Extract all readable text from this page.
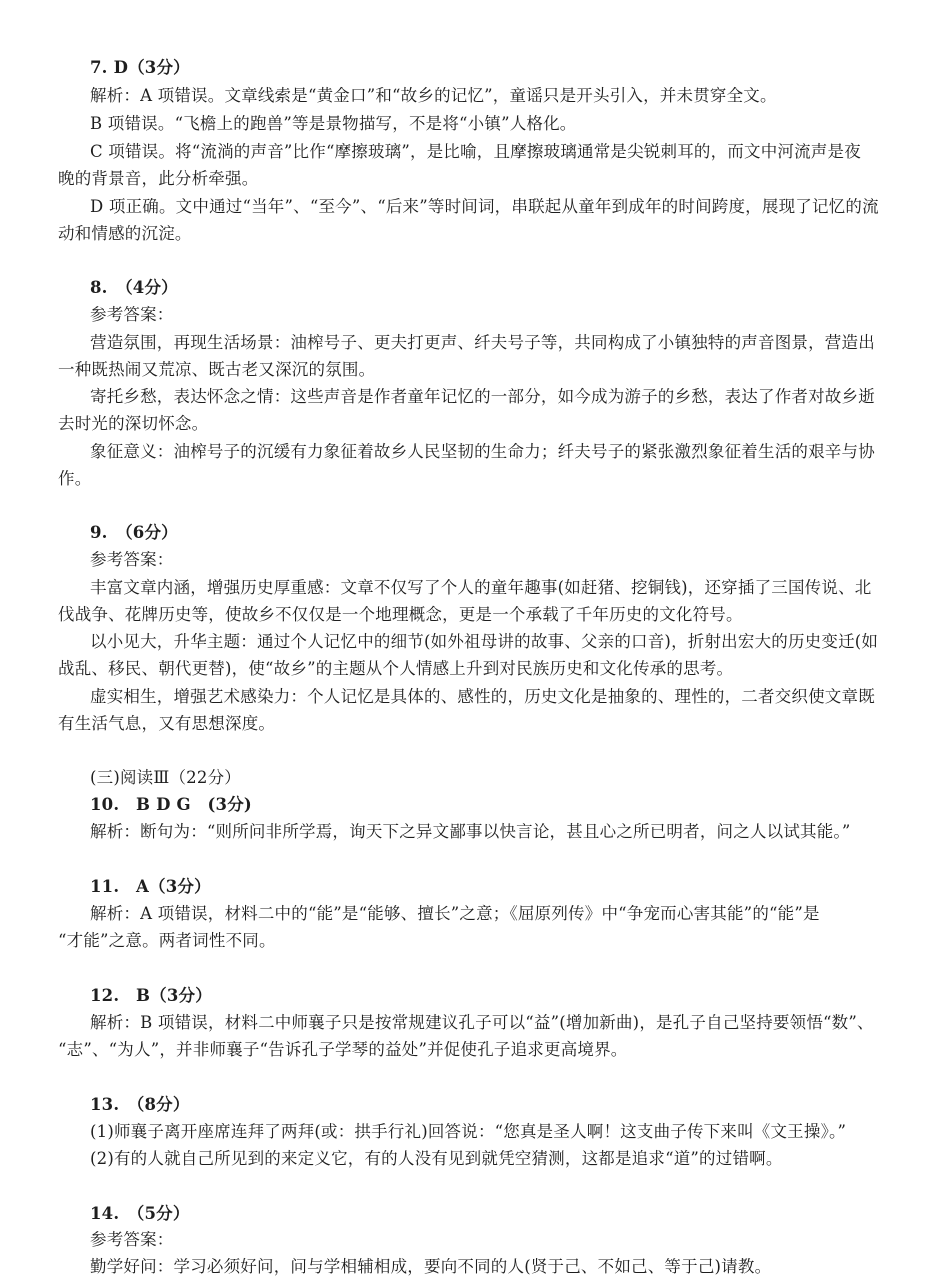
7. D（3分）
解析：A 项错误。文章线索是“黄金口”和“故乡的记忆”，童谣只是开头引入，并未贯穿全文。
B 项错误。“飞檐上的跑兽”等是景物描写，不是将“小镇”人格化。
C 项错误。将“流淌的声音”比作“摩擦玻璃”，是比喻，且摩擦玻璃通常是尖锐刺耳的，而文中河流声是夜
晚的背景音，此分析牵强。
D 项正确。文中通过“当年”、“至今”、“后来”等时间词，串联起从童年到成年的时间跨度，展现了记忆的流
动和情感的沉淀。
8.　（4分）
参考答案：
营造氛围，再现生活场景：油榨号子、更夫打更声、纤夫号子等，共同构成了小镇独特的声音图景，营造出
一种既热闹又荒凉、既古老又深沉的氛围。
寄托乡愁，表达怀念之情：这些声音是作者童年记忆的一部分，如今成为游子的乡愁，表达了作者对故乡逝
去时光的深切怀念。
象征意义：油榨号子的沉缓有力象征着故乡人民坚韧的生命力；纤夫号子的紧张激烈象征着生活的艰辛与协
作。
9.　（6分）
参考答案：
丰富文章内涵，增强历史厚重感：文章不仅写了个人的童年趣事(如赶猪、挖铜钱)，还穿插了三国传说、北
伐战争、花牌历史等，使故乡不仅仅是一个地理概念，更是一个承载了千年历史的文化符号。
以小见大，升华主题：通过个人记忆中的细节(如外祖母讲的故事、父亲的口音)，折射出宏大的历史变迁(如
战乱、移民、朝代更替)，使“故乡”的主题从个人情感上升到对民族历史和文化传承的思考。
虚实相生，增强艺术感染力：个人记忆是具体的、感性的，历史文化是抽象的、理性的，二者交织使文章既
有生活气息，又有思想深度。
(三)阅读Ⅲ（22分）
10.　B D G　(3分)
解析：断句为：“则所问非所学焉，询天下之异文鄙事以快言论，甚且心之所已明者，问之人以试其能。”
11.　A（3分）
解析：A 项错误，材料二中的“能”是“能够、擅长”之意；《屈原列传》中“争宠而心害其能”的“能”是
“才能”之意。两者词性不同。
12.　B（3分）
解析：B 项错误，材料二中师襄子只是按常规建议孔子可以“益”(增加新曲)，是孔子自己坚持要领悟“数”、
“志”、“为人”，并非师襄子“告诉孔子学琴的益处”并促使孔子追求更高境界。
13.　（8分）
(1)师襄子离开座席连拜了两拜(或：拱手行礼)回答说：“您真是圣人啊！这支曲子传下来叫《文王操》。”
(2)有的人就自己所见到的来定义它，有的人没有见到就凭空猜测，这都是追求“道”的过错啊。
14.　（5分）
参考答案：
勤学好问：学习必须好问，问与学相辅相成，要向不同的人(贤于己、不如己、等于己)请教。
